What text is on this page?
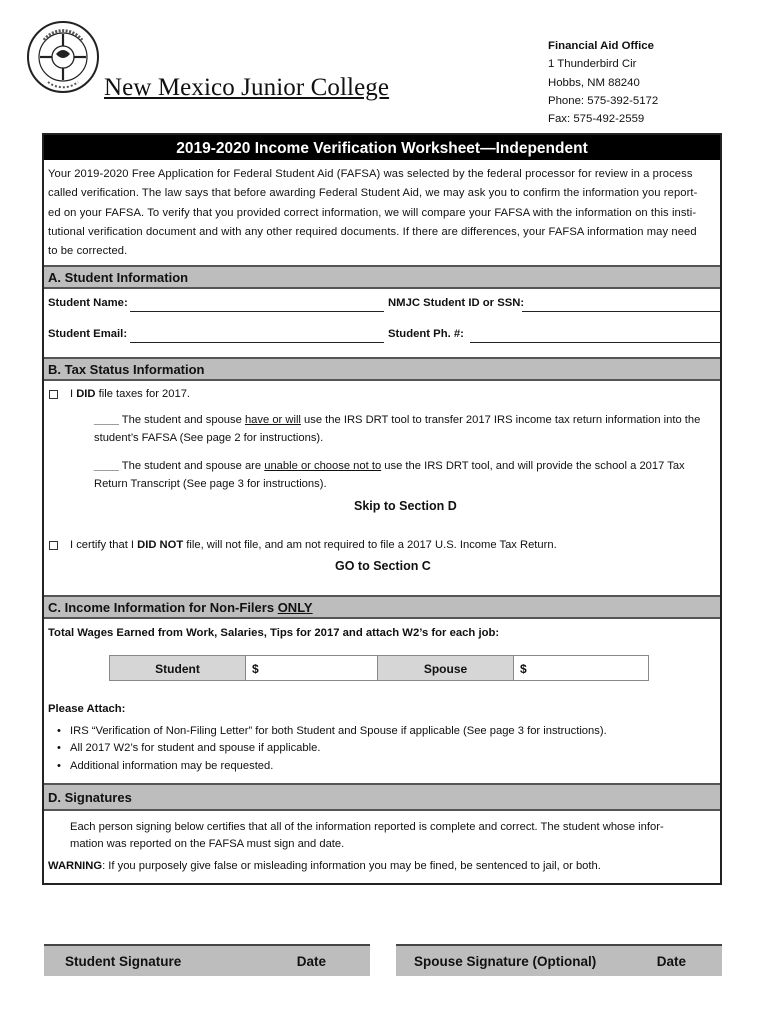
New Mexico Junior College
Financial Aid Office
1 Thunderbird Cir
Hobbs, NM 88240
Phone: 575-392-5172
Fax: 575-492-2559
2019-2020 Income Verification Worksheet—Independent
Your 2019-2020 Free Application for Federal Student Aid (FAFSA) was selected by the federal processor for review in a process
called verification. The law says that before awarding Federal Student Aid, we may ask you to confirm the information you report-
ed on your FAFSA. To verify that you provided correct information, we will compare your FAFSA with the information on this insti-
tutional verification document and with any other required documents. If there are differences, your FAFSA information may need
to be corrected.
A. Student Information
Student Name:	NMJC Student ID or SSN:
Student Email:	Student Ph. #:
B. Tax Status Information
I DID file taxes for 2017.
____ The student and spouse have or will use the IRS DRT tool to transfer 2017 IRS income tax return information into the
student’s FAFSA (See page 2 for instructions).
____ The student and spouse are unable or choose not to use the IRS DRT tool, and will provide the school a 2017 Tax
Return Transcript (See page 3 for instructions).
Skip to Section D
I certify that I DID NOT file, will not file, and am not required to file a 2017 U.S. Income Tax Return.
GO to Section C
C. Income Information for Non-Filers ONLY
Total Wages Earned from Work, Salaries, Tips for 2017 and attach W2’s for each job:
Student	$	Spouse	$
Please Attach:
• IRS “Verification of Non-Filing Letter” for both Student and Spouse if applicable (See page 3 for instructions).
• All 2017 W2’s for student and spouse if applicable.
• Additional information may be requested.
D. Signatures
Each person signing below certifies that all of the information reported is complete and correct. The student whose infor-
mation was reported on the FAFSA must sign and date.
WARNING: If you purposely give false or misleading information you may be fined, be sentenced to jail, or both.
Student Signature	Date	Spouse Signature (Optional)	Date
